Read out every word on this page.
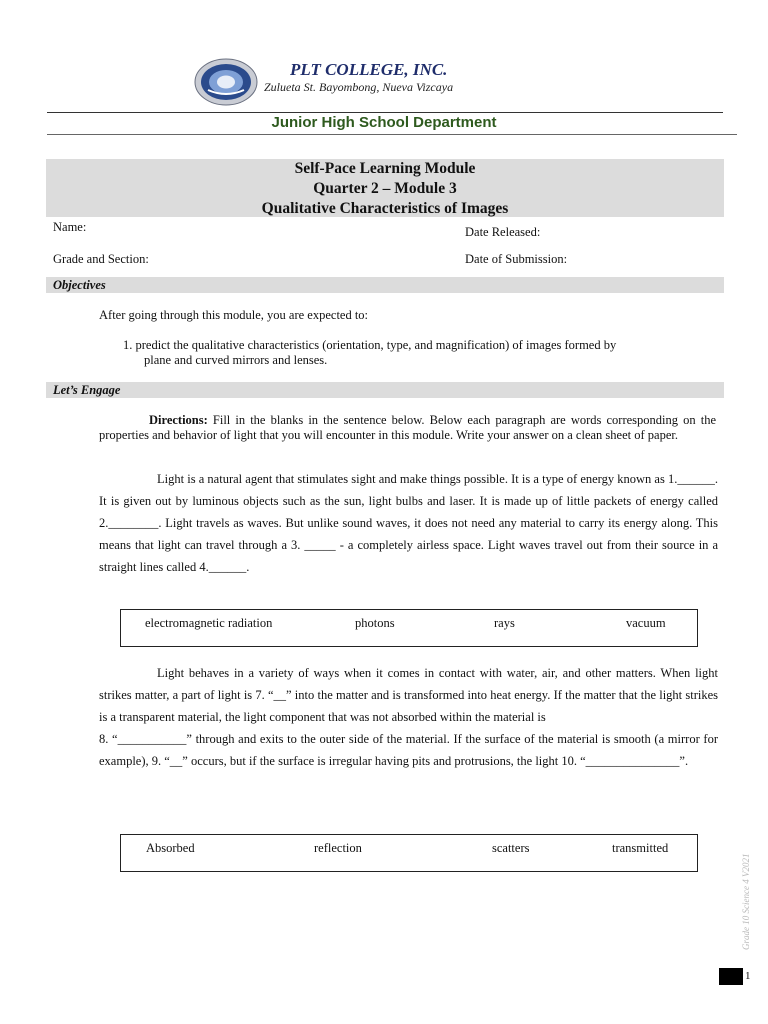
PLT COLLEGE, INC.
Zulueta St. Bayombong, Nueva Vizcaya
Junior High School Department
Self-Pace Learning Module
Quarter 2 – Module 3
Qualitative Characteristics of Images
Name:	Date Released:
Grade and Section:	Date of Submission:
Objectives
After going through this module, you are expected to:
1. predict the qualitative characteristics (orientation, type, and magnification) of images formed by
plane and curved mirrors and lenses.
Let’s Engage
Directions: Fill in the blanks in the sentence below. Below each paragraph are words corresponding on the properties and behavior of light that you will encounter in this module. Write your answer on a clean sheet of paper.
Light is a natural agent that stimulates sight and make things possible. It is a type of energy known as 1.______. It is given out by luminous objects such as the sun, light bulbs and laser. It is made up of little packets of energy called 2.________. Light travels as waves. But unlike sound waves, it does not need any material to carry its energy along. This means that light can travel through a 3. _____ - a completely airless space. Light waves travel out from their source in a straight lines called 4.______.
electromagnetic radiation	photons	rays	vacuum
Light behaves in a variety of ways when it comes in contact with water, air, and other matters. When light strikes matter, a part of light is 7. “__” into the matter and is transformed into heat energy. If the matter that the light strikes is a transparent material, the light component that was not absorbed within the material is
8. “___________” through and exits to the outer side of the material. If the surface of the material is smooth (a mirror for example), 9. “__” occurs, but if the surface is irregular having pits and protrusions, the light 10. “_______________”.
Absorbed	reflection	scatters	transmitted
Grade 10 Science 4 V2021
1
